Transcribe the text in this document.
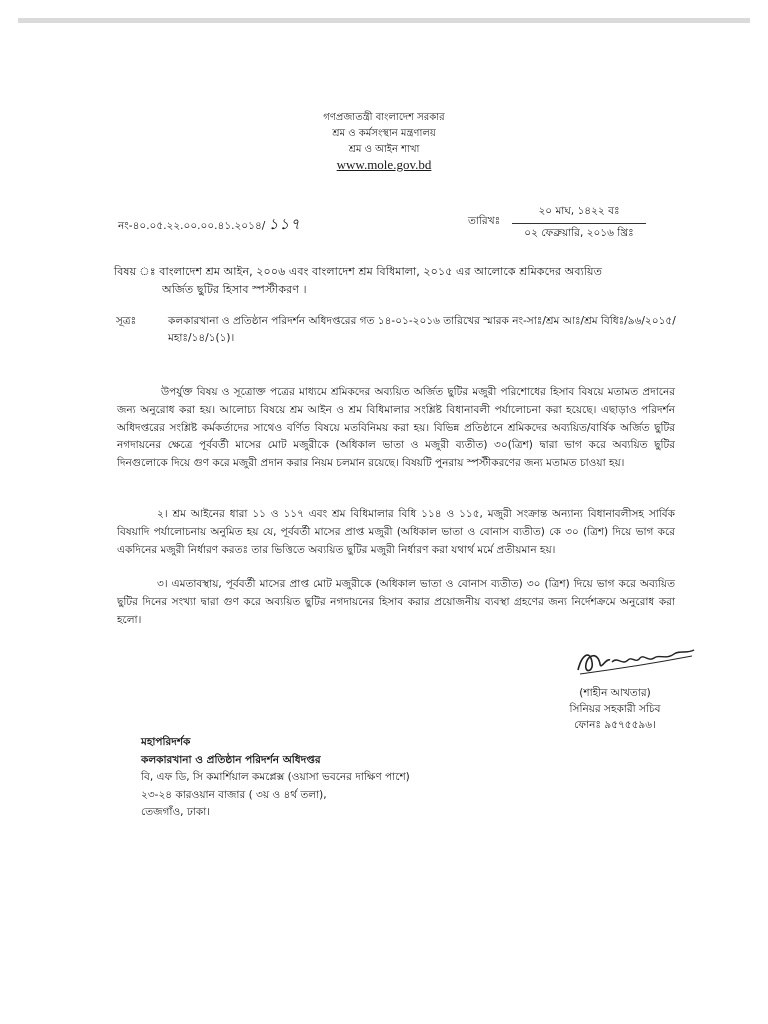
গণপ্রজাতন্ত্রী বাংলাদেশ সরকার
শ্রম ও কর্মসংস্থান মন্ত্রণালয়
শ্রম ও আইন শাখা
www.mole.gov.bd
নং-৪০.০৫.২২.০০.০০.৪১.২০১৪/ ১১৭	তারিখঃ
২০ মাঘ, ১৪২২ বঃ
০২ ফেব্রুয়ারি, ২০১৬ খ্রিঃ
বিষয় ঃ বাংলাদেশ শ্রম আইন, ২০০৬ এবং বাংলাদেশ শ্রম বিধিমালা, ২০১৫ এর আলোকে শ্রমিকদের অব্যয়িত
অর্জিত ছুটির হিসাব স্পস্টীকরণ ।
সূত্রঃ	কলকারখানা ও প্রতিষ্ঠান পরিদর্শন অধিদপ্তরের গত ১৪-০১-২০১৬ তারিখের স্মারক নং-সাঃ/শ্রম আঃ/শ্রম বিধিঃ/৯৬/২০১৫/মহাঃ/১৪/১(১)।
উপর্যুক্ত বিষয় ও সূত্রোক্ত পত্রের মাধ্যমে শ্রমিকদের অব্যয়িত অর্জিত ছুটির মজুরী পরিশোধের হিসাব বিষয়ে মতামত প্রদানের জন্য অনুরোধ করা হয়। আলোচ্য বিষয়ে শ্রম আইন ও শ্রম বিধিমালার সংশ্লিষ্ট বিধানাবলী পর্যালোচনা করা হয়েছে। এছাড়াও পরিদর্শন অধিদপ্তরের সংশ্লিষ্ট কর্মকর্তাদের সাথেও বর্ণিত বিষয়ে মতবিনিময় করা হয়। বিভিন্ন প্রতিষ্ঠানে শ্রমিকদের অব্যয়িত/বার্ষিক অর্জিত ছুটির নগদায়নের ক্ষেত্রে পূর্ববর্তী মাসের মোট মজুরীকে (অধিকাল ভাতা ও মজুরী ব্যতীত) ৩০(ত্রিশ) দ্বারা ভাগ করে অব্যয়িত ছুটির দিনগুলোকে দিয়ে গুণ করে মজুরী প্রদান করার নিয়ম চলমান রয়েছে। বিষয়টি পুনরায় স্পস্টীকরণের জন্য মতামত চাওয়া হয়।
২। শ্রম আইনের ধারা ১১ ও ১১৭ এবং শ্রম বিধিমালার বিধি ১১৪ ও ১১৫, মজুরী সংক্রান্ত অন্যান্য বিধানাবলীসহ সার্বিক বিষয়াদি পর্যালোচনায় অনুমিত হয় যে, পূর্ববর্তী মাসের প্রাপ্ত মজুরী (অধিকাল ভাতা ও বোনাস ব্যতীত) কে ৩০ (ত্রিশ) দিয়ে ভাগ করে একদিনের মজুরী নির্ধারণ করতঃ তার ভিত্তিতে অব্যয়িত ছুটির মজুরী নির্ধারণ করা যথার্থ মর্মে প্রতীয়মান হয়।
৩। এমতাবস্থায়, পূর্ববর্তী মাসের প্রাপ্ত মোট মজুরীকে (অধিকাল ভাতা ও বোনাস ব্যতীত) ৩০ (ত্রিশ) দিয়ে ভাগ করে অব্যয়িত ছুটির দিনের সংখ্যা দ্বারা গুণ করে অব্যয়িত ছুটির নগদায়নের হিসাব করার প্রয়োজনীয় ব্যবস্থা গ্রহণের জন্য নির্দেশক্রমে অনুরোধ করা হলো।
(শাহীন আখতার)
সিনিয়র সহকারী সচিব
ফোনঃ ৯৫৭৫৫৯৬।
মহাপরিদর্শক
কলকারখানা ও প্রতিষ্ঠান পরিদর্শন অধিদপ্তর
বি, এফ ডি, সি কমার্শিয়াল কমপ্লেক্স (ওয়াসা ভবনের দাক্ষিণ পাশে)
২৩-২৪ কারওয়ান বাজার ( ৩য় ও ৪র্থ তলা),
তেজগাঁও, ঢাকা।
